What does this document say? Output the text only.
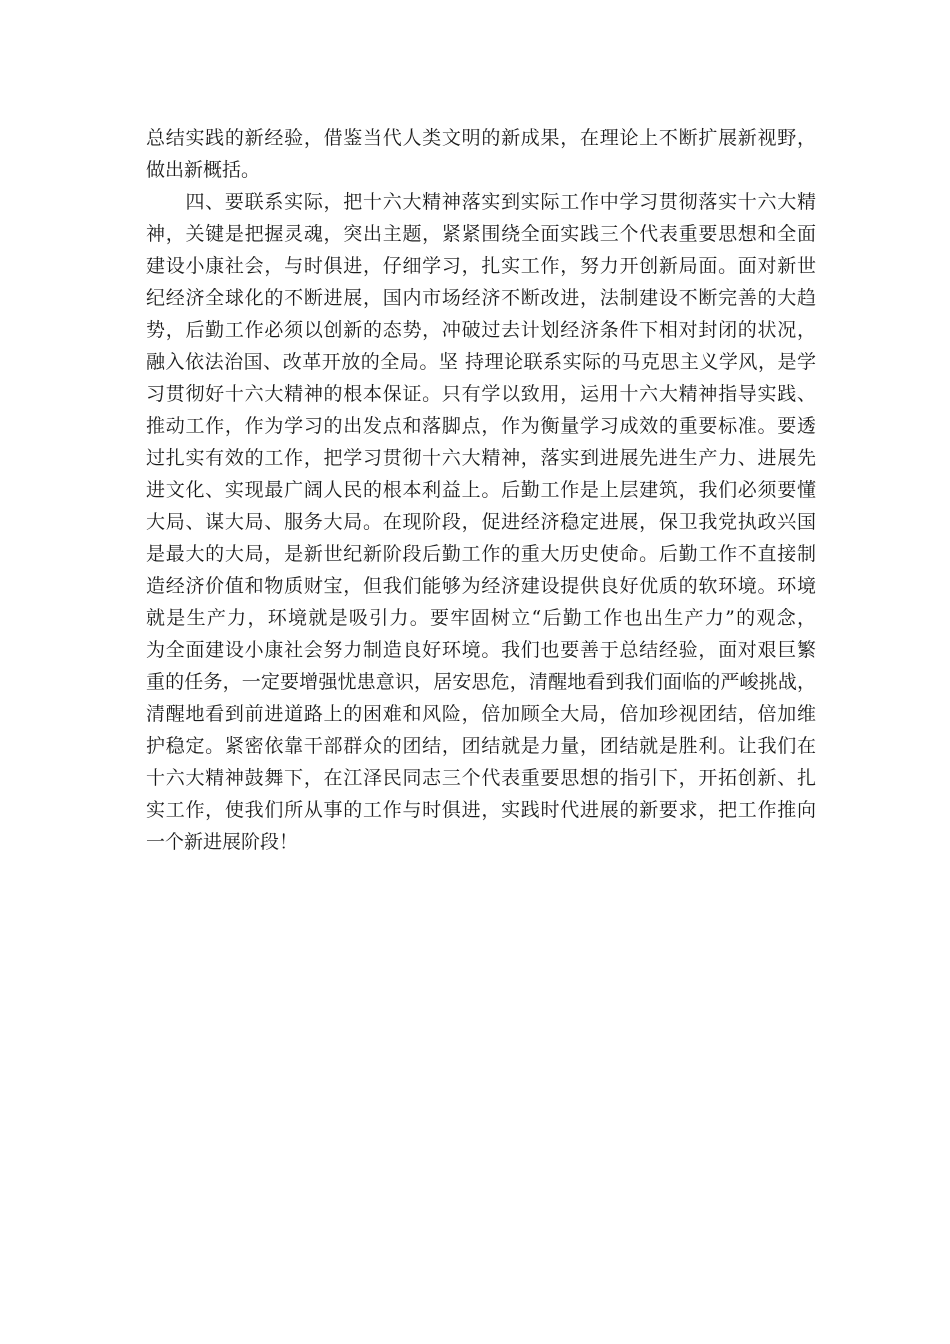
总结实践的新经验，借鉴当代人类文明的新成果，在理论上不断扩展新视野，
做出新概括。
　　四、要联系实际，把十六大精神落实到实际工作中学习贯彻落实十六大精
神，关键是把握灵魂，突出主题，紧紧围绕全面实践三个代表重要思想和全面
建设小康社会，与时俱进，仔细学习，扎实工作，努力开创新局面。面对新世
纪经济全球化的不断进展，国内市场经济不断改进，法制建设不断完善的大趋
势，后勤工作必须以创新的态势，冲破过去计划经济条件下相对封闭的状况，
融入依法治国、改革开放的全局。坚 持理论联系实际的马克思主义学风，是学
习贯彻好十六大精神的根本保证。只有学以致用，运用十六大精神指导实践、
推动工作，作为学习的出发点和落脚点，作为衡量学习成效的重要标准。要透
过扎实有效的工作，把学习贯彻十六大精神，落实到进展先进生产力、进展先
进文化、实现最广阔人民的根本利益上。后勤工作是上层建筑，我们必须要懂
大局、谋大局、服务大局。在现阶段，促进经济稳定进展，保卫我党执政兴国
是最大的大局，是新世纪新阶段后勤工作的重大历史使命。后勤工作不直接制
造经济价值和物质财宝，但我们能够为经济建设提供良好优质的软环境。环境
就是生产力，环境就是吸引力。要牢固树立“后勤工作也出生产力”的观念，
为全面建设小康社会努力制造良好环境。我们也要善于总结经验，面对艰巨繁
重的任务，一定要增强忧患意识，居安思危，清醒地看到我们面临的严峻挑战，
清醒地看到前进道路上的困难和风险，倍加顾全大局，倍加珍视团结，倍加维
护稳定。紧密依靠干部群众的团结，团结就是力量，团结就是胜利。让我们在
十六大精神鼓舞下，在江泽民同志三个代表重要思想的指引下，开拓创新、扎
实工作，使我们所从事的工作与时俱进，实践时代进展的新要求，把工作推向
一个新进展阶段！
